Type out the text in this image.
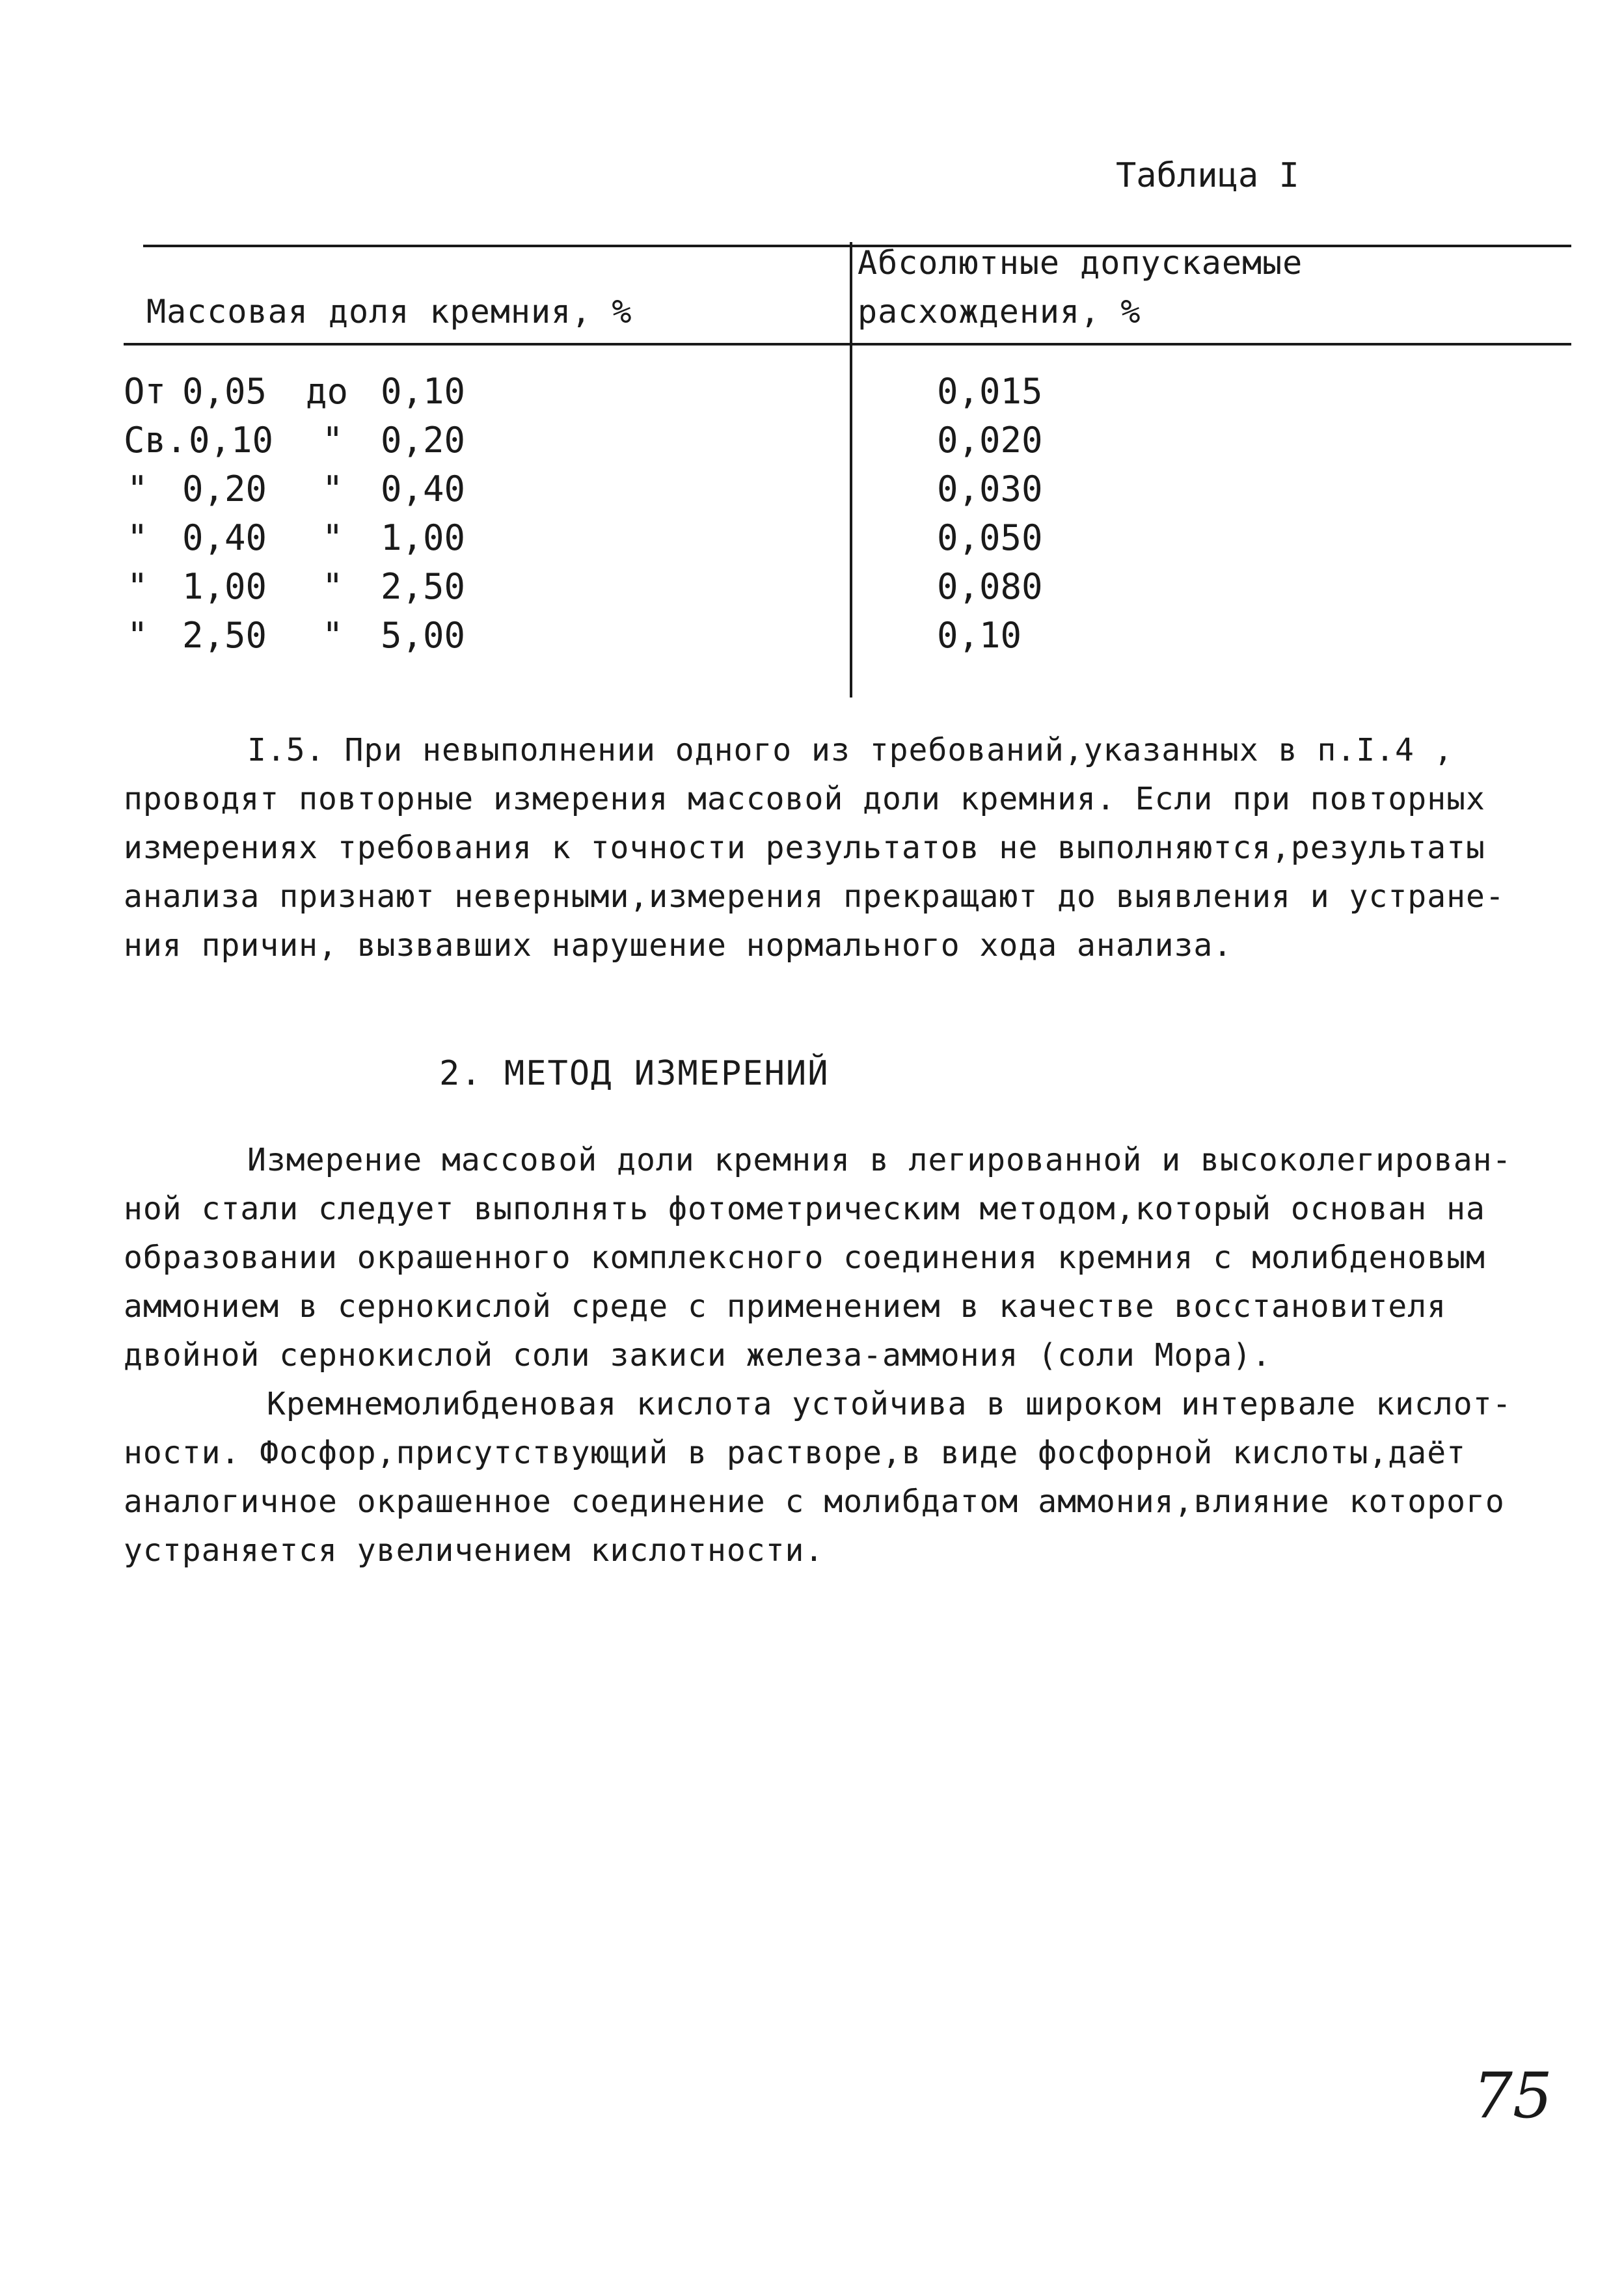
Таблица I
Массовая доля кремния, %
Абсолютные допускаемые
расхождения, %
От 0,05 до 0,10	0,015
Св. 0,10 " 0,20	0,020
" 0,20 " 0,40	0,030
" 0,40 " 1,00	0,050
" 1,00 " 2,50	0,080
" 2,50 " 5,00	0,10
I.5. При невыполнении одного из требований,указанных в п.I.4 ,
проводят повторные измерения массовой доли кремния. Если при повторных
измерениях требования к точности результатов не выполняются,результаты
анализа признают неверными,измерения прекращают до выявления и устране-
ния причин, вызвавших нарушение нормального хода анализа.
2. МЕТОД ИЗМЕРЕНИЙ
Измерение массовой доли кремния в легированной и высоколегирован-
ной стали следует выполнять фотометрическим методом,который основан на
образовании окрашенного комплексного соединения кремния с молибденовым
аммонием в сернокислой среде с применением в качестве восстановителя
двойной сернокислой соли закиси железа-аммония (соли Мора).
Кремнемолибденовая кислота устойчива в широком интервале кислот-
ности. Фосфор,присутствующий в растворе,в виде фосфорной кислоты,даёт
аналогичное окрашенное соединение с молибдатом аммония,влияние которого
устраняется увеличением кислотности.
75
